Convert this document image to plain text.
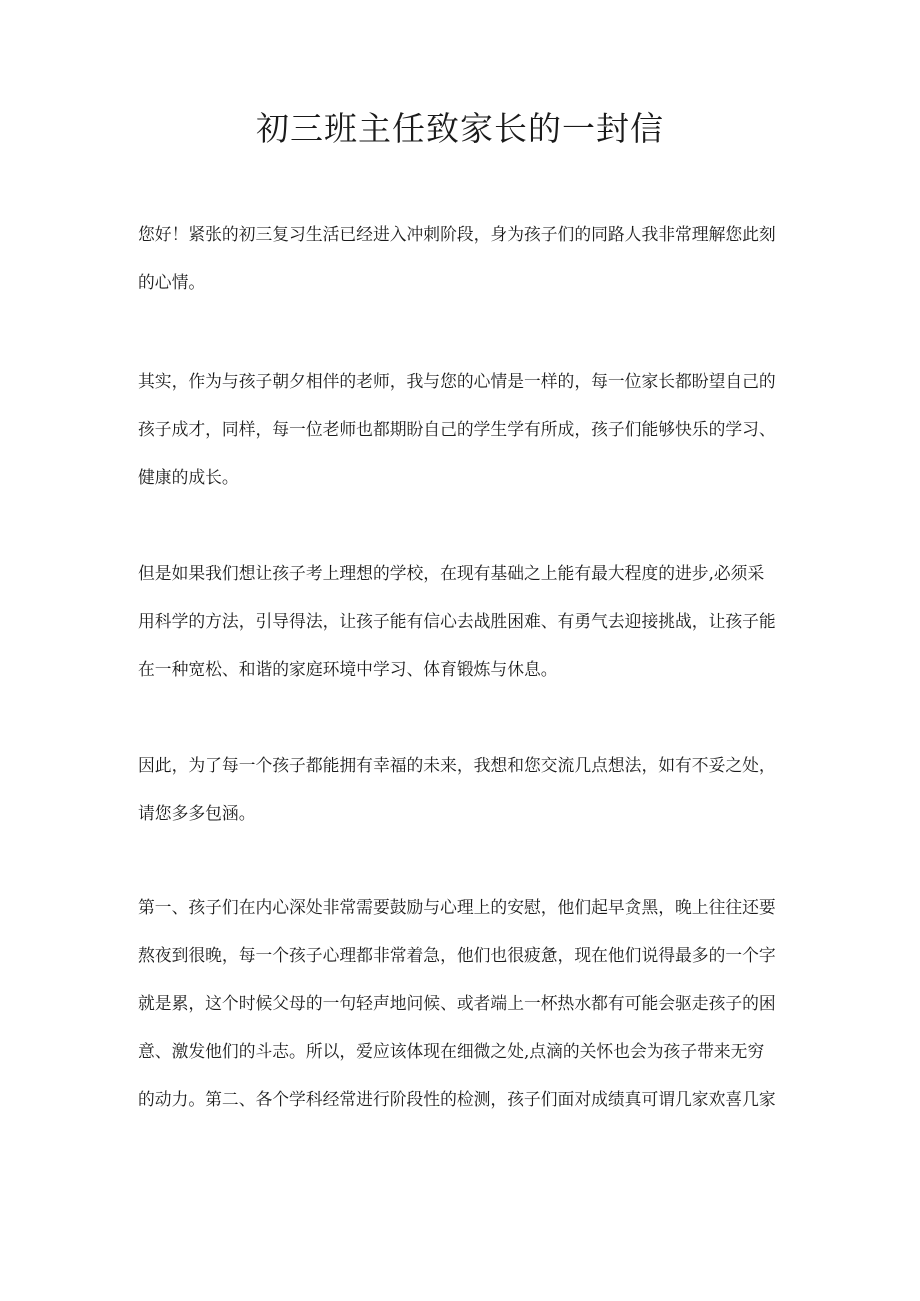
初三班主任致家长的一封信

您好！紧张的初三复习生活已经进入冲刺阶段，身为孩子们的同路人我非常理解您此刻
的心情。

其实，作为与孩子朝夕相伴的老师，我与您的心情是一样的，每一位家长都盼望自己的
孩子成才，同样，每一位老师也都期盼自己的学生学有所成，孩子们能够快乐的学习、
健康的成长。

但是如果我们想让孩子考上理想的学校，在现有基础之上能有最大程度的进步,必须采
用科学的方法，引导得法，让孩子能有信心去战胜困难、有勇气去迎接挑战，让孩子能
在一种宽松、和谐的家庭环境中学习、体育锻炼与休息。

因此，为了每一个孩子都能拥有幸福的未来，我想和您交流几点想法，如有不妥之处，
请您多多包涵。

第一、孩子们在内心深处非常需要鼓励与心理上的安慰，他们起早贪黑，晚上往往还要
熬夜到很晚，每一个孩子心理都非常着急，他们也很疲惫，现在他们说得最多的一个字
就是累，这个时候父母的一句轻声地问候、或者端上一杯热水都有可能会驱走孩子的困
意、激发他们的斗志。所以，爱应该体现在细微之处,点滴的关怀也会为孩子带来无穷
的动力。第二、各个学科经常进行阶段性的检测，孩子们面对成绩真可谓几家欢喜几家
